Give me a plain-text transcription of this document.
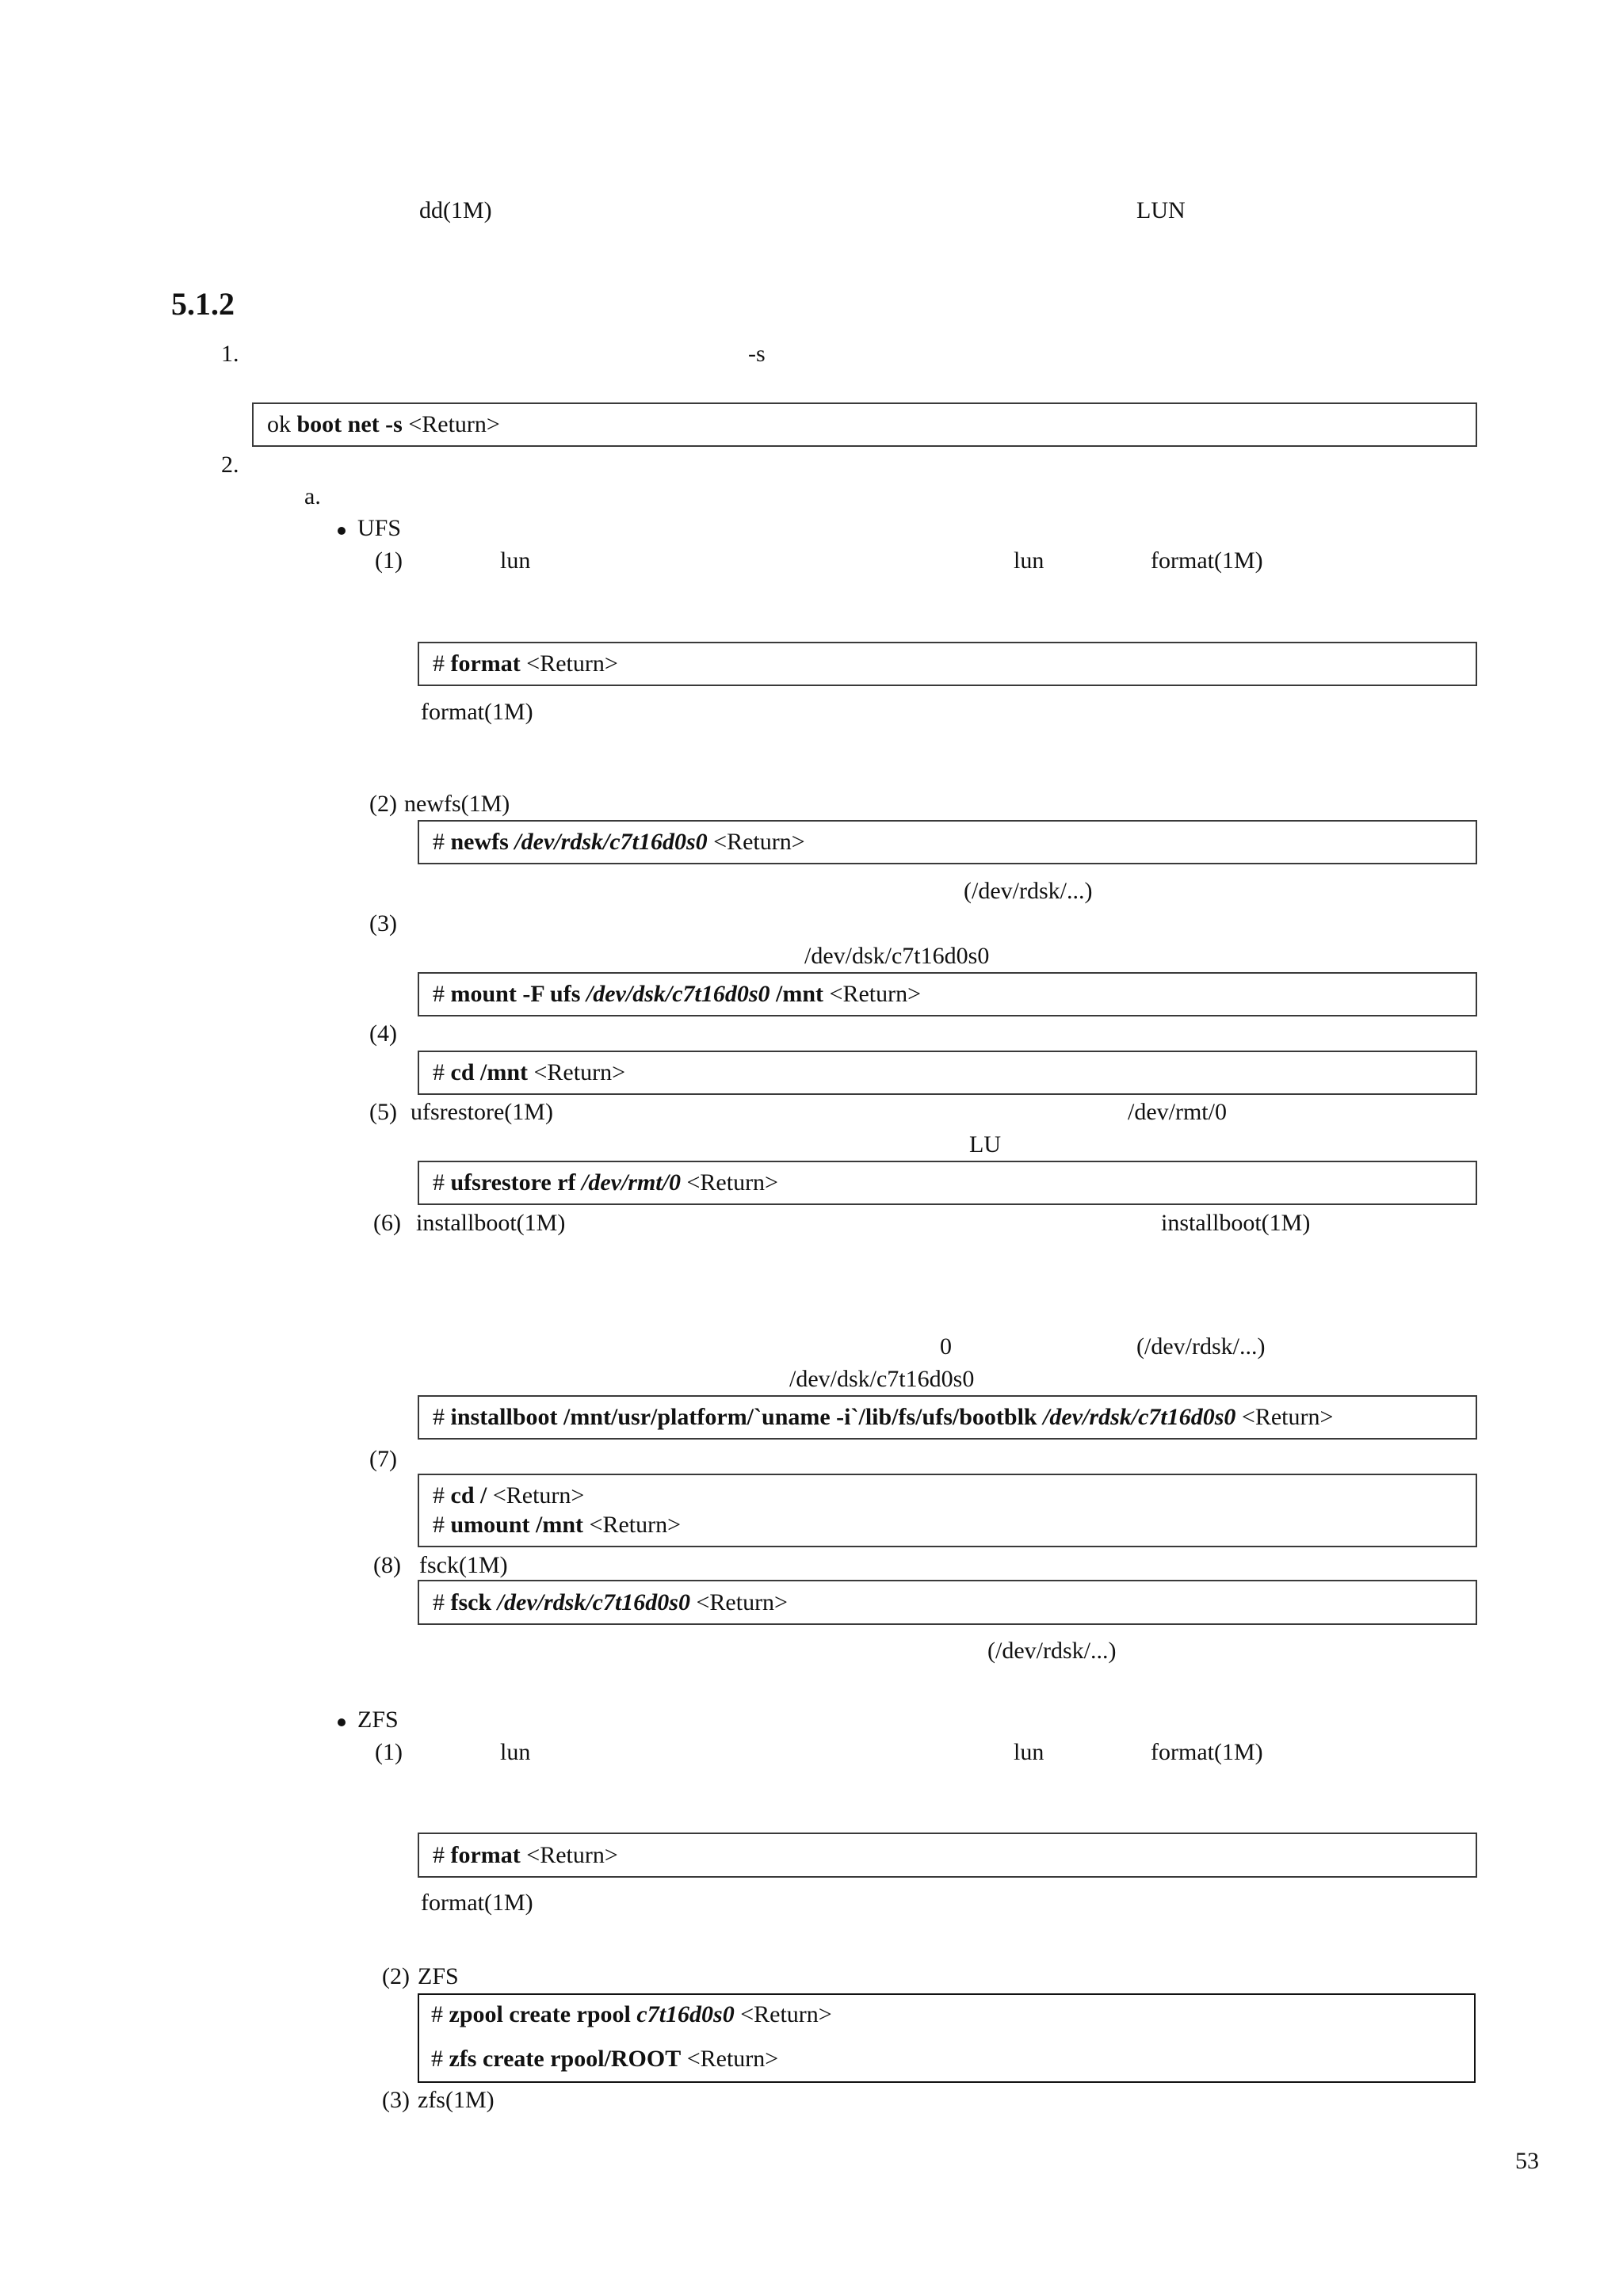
dd(1M)	LUN
5.1.2
1.	-s
ok boot net -s <Return>
2.
a.
UFS
(1)	lun	lun	format(1M)
# format <Return>
format(1M)
(2) newfs(1M)
# newfs /dev/rdsk/c7t16d0s0 <Return>
(/dev/rdsk/...)
(3)
/dev/dsk/c7t16d0s0
# mount -F ufs /dev/dsk/c7t16d0s0 /mnt <Return>
(4)
# cd /mnt <Return>
(5) ufsrestore(1M)	/dev/rmt/0
LU
# ufsrestore rf /dev/rmt/0 <Return>
(6) installboot(1M)	installboot(1M)
0	(/dev/rdsk/...)
/dev/dsk/c7t16d0s0
# installboot /mnt/usr/platform/`uname -i`/lib/fs/ufs/bootblk /dev/rdsk/c7t16d0s0 <Return>
(7)
# cd / <Return>
# umount /mnt <Return>
(8) fsck(1M)
# fsck /dev/rdsk/c7t16d0s0 <Return>
(/dev/rdsk/...)
ZFS
(1)	lun	lun	format(1M)
# format <Return>
format(1M)
(2) ZFS
# zpool create rpool c7t16d0s0 <Return>
# zfs create rpool/ROOT <Return>
(3) zfs(1M)
53
